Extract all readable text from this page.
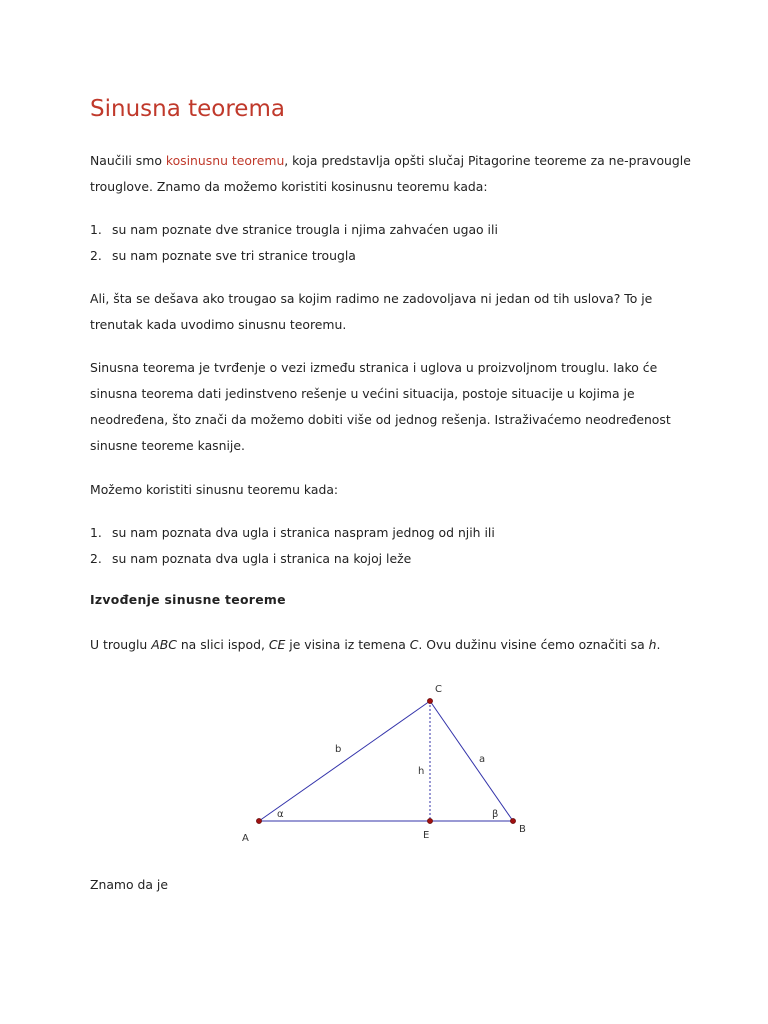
Sinusna teorema

Naučili smo kosinusnu teoremu, koja predstavlja opšti slučaj Pitagorine teoreme za ne-pravougle
trouglove. Znamo da možemo koristiti kosinusnu teoremu kada:

1. su nam poznate dve stranice trougla i njima zahvaćen ugao ili
2. su nam poznate sve tri stranice trougla

Ali, šta se dešava ako trougao sa kojim radimo ne zadovoljava ni jedan od tih uslova? To je
trenutak kada uvodimo sinusnu teoremu.

Sinusna teorema je tvrđenje o vezi između stranica i uglova u proizvoljnom trouglu. Iako će
sinusna teorema dati jedinstveno rešenje u većini situacija, postoje situacije u kojima je
neodređena, što znači da možemo dobiti više od jednog rešenja. Istraživaćemo neodređenost
sinusne teoreme kasnije.

Možemo koristiti sinusnu teoremu kada:

1. su nam poznata dva ugla i stranica naspram jednog od njih ili
2. su nam poznata dva ugla i stranica na kojoj leže
Izvođenje sinusne teoreme

U trouglu ABC na slici ispod, CE je visina iz temena C. Ovu dužinu visine ćemo označiti sa h.

Znamo da je

A
B
C
E
b
a
h
α	β
